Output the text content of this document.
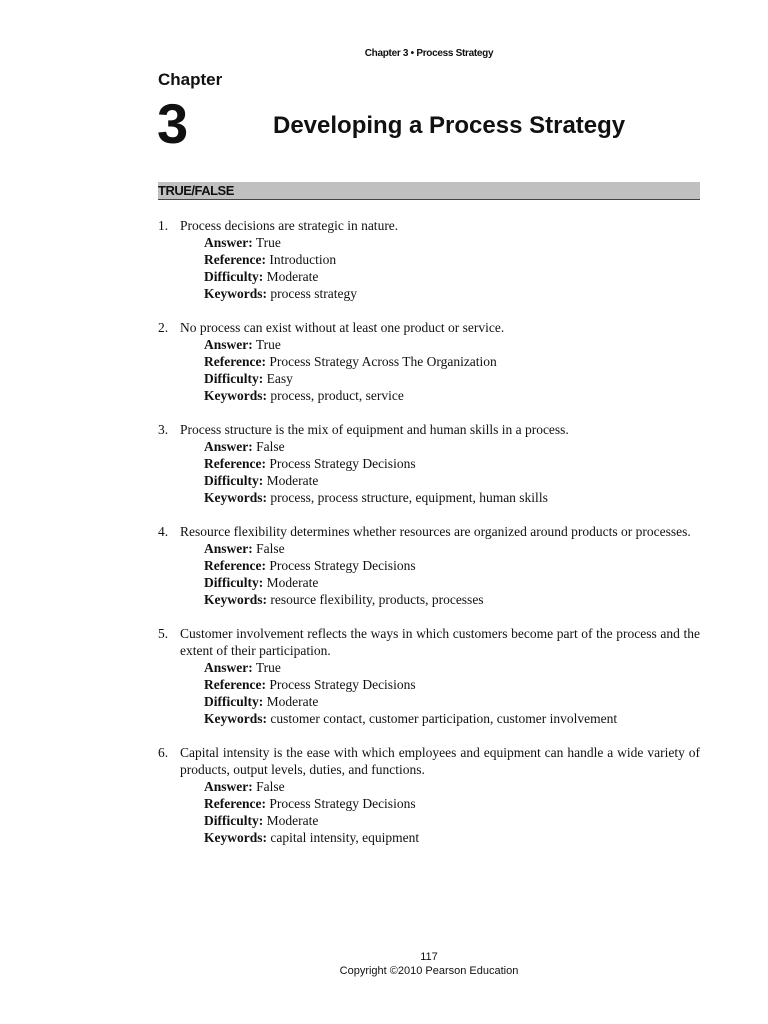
Chapter 3 • Process Strategy
Chapter
3	Developing a Process Strategy
TRUE/FALSE
1. Process decisions are strategic in nature.
Answer: True
Reference: Introduction
Difficulty: Moderate
Keywords: process strategy
2. No process can exist without at least one product or service.
Answer: True
Reference: Process Strategy Across The Organization
Difficulty: Easy
Keywords: process, product, service
3. Process structure is the mix of equipment and human skills in a process.
Answer: False
Reference: Process Strategy Decisions
Difficulty: Moderate
Keywords: process, process structure, equipment, human skills
4. Resource flexibility determines whether resources are organized around products or processes.
Answer: False
Reference: Process Strategy Decisions
Difficulty: Moderate
Keywords: resource flexibility, products, processes
5. Customer involvement reflects the ways in which customers become part of the process and the extent of their participation.
Answer: True
Reference: Process Strategy Decisions
Difficulty: Moderate
Keywords: customer contact, customer participation, customer involvement
6. Capital intensity is the ease with which employees and equipment can handle a wide variety of products, output levels, duties, and functions.
Answer: False
Reference: Process Strategy Decisions
Difficulty: Moderate
Keywords: capital intensity, equipment
117
Copyright ©2010 Pearson Education
